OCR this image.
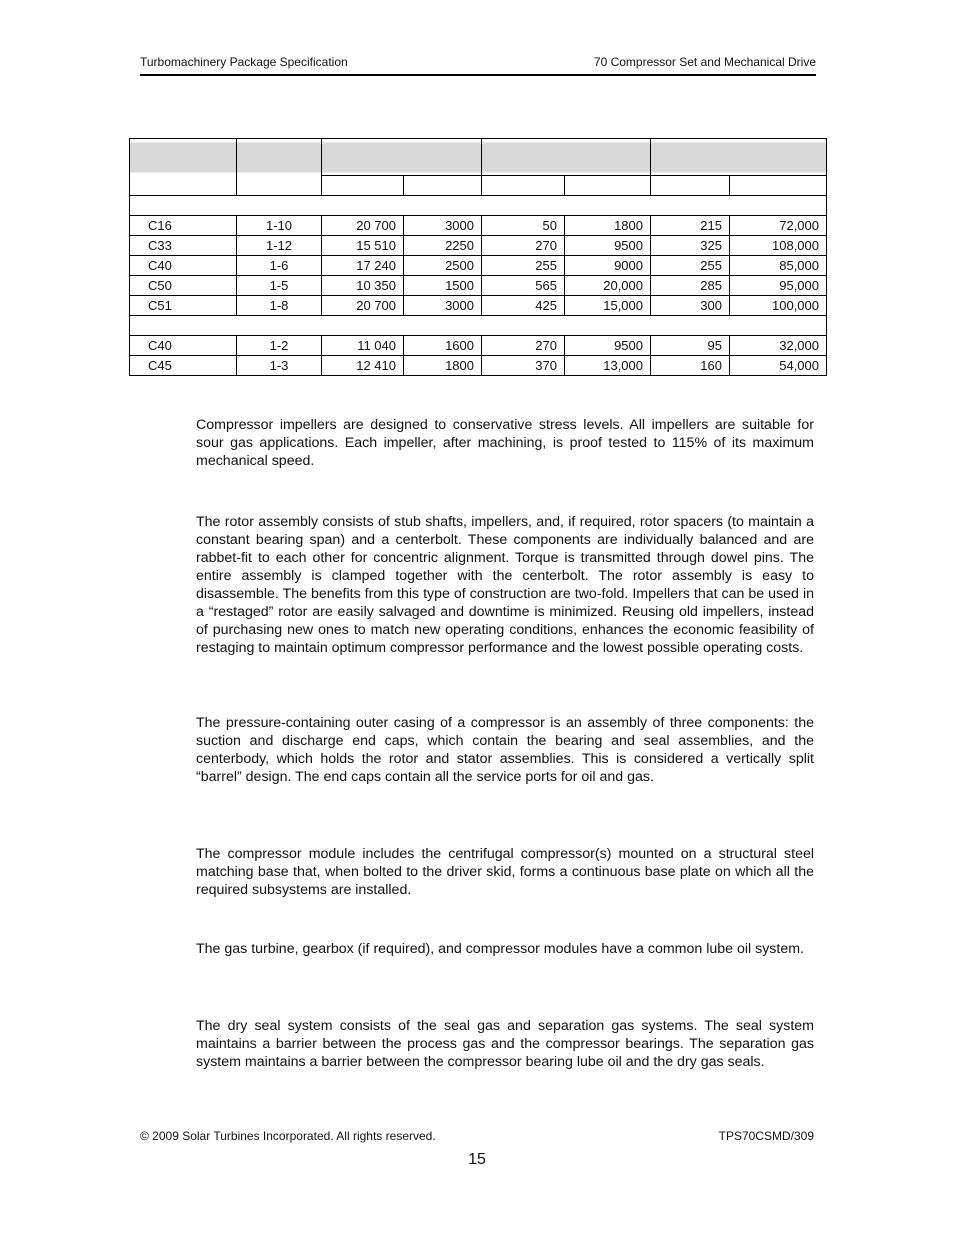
Turbomachinery Package Specification	70 Compressor Set and Mechanical Drive

C16	1-10	20 700	3000	50	1800	215	72,000
C33	1-12	15 510	2250	270	9500	325	108,000
C40	1-6	17 240	2500	255	9000	255	85,000
C50	1-5	10 350	1500	565	20,000	285	95,000
C51	1-8	20 700	3000	425	15,000	300	100,000

C40	1-2	11 040	1600	270	9500	95	32,000
C45	1-3	12 410	1800	370	13,000	160	54,000

Compressor impellers are designed to conservative stress levels. All impellers are suitable for sour gas applications. Each impeller, after machining, is proof tested to 115% of its maximum mechanical speed.

The rotor assembly consists of stub shafts, impellers, and, if required, rotor spacers (to maintain a constant bearing span) and a centerbolt. These components are individually balanced and are rabbet-fit to each other for concentric alignment. Torque is transmitted through dowel pins. The entire assembly is clamped together with the centerbolt. The rotor assembly is easy to disassemble. The benefits from this type of construction are two-fold. Impellers that can be used in a “restaged” rotor are easily salvaged and downtime is minimized. Reusing old impellers, instead of purchasing new ones to match new operating conditions, enhances the economic feasibility of restaging to maintain optimum compressor performance and the lowest possible operating costs.

The pressure-containing outer casing of a compressor is an assembly of three components: the suction and discharge end caps, which contain the bearing and seal assemblies, and the centerbody, which holds the rotor and stator assemblies. This is considered a vertically split “barrel” design. The end caps contain all the service ports for oil and gas.

The compressor module includes the centrifugal compressor(s) mounted on a structural steel matching base that, when bolted to the driver skid, forms a continuous base plate on which all the required subsystems are installed.

The gas turbine, gearbox (if required), and compressor modules have a common lube oil system.

The dry seal system consists of the seal gas and separation gas systems. The seal system maintains a barrier between the process gas and the compressor bearings. The separation gas system maintains a barrier between the compressor bearing lube oil and the dry gas seals.

© 2009 Solar Turbines Incorporated. All rights reserved.	TPS70CSMD/309
15
